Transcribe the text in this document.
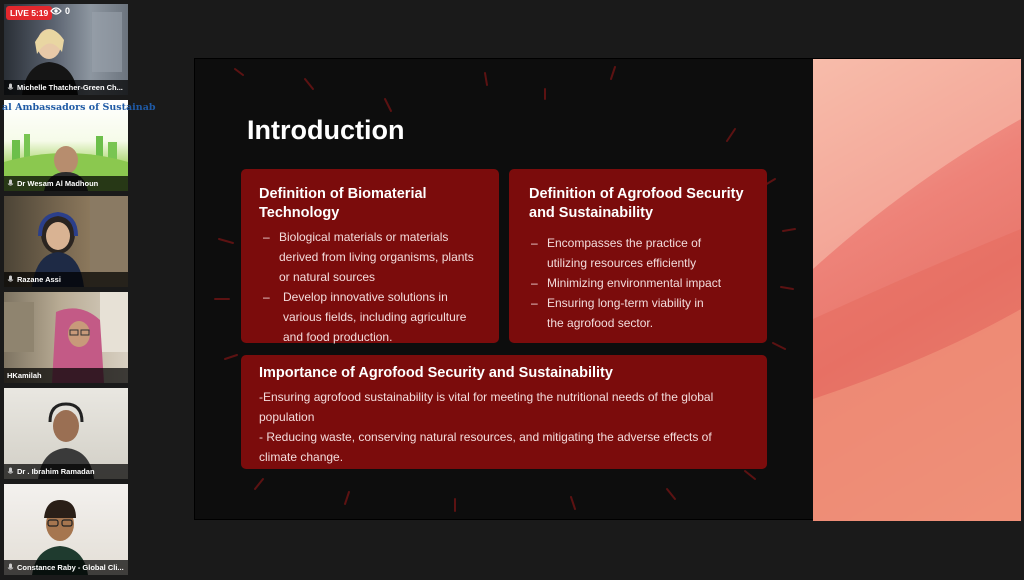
LIVE 5:19	0
Michelle Thatcher-Green Ch...
al Ambassadors of Sustainab
Dr Wesam Al Madhoun
Razane Assi
HKamilah
Dr . Ibrahim Ramadan
Constance Raby - Global Cli...
Introduction
Definition of Biomaterial Technology
– Biological materials or materials derived from living organisms, plants or natural sources
– Develop innovative solutions in various fields, including agriculture and food production.
Definition of Agrofood Security and Sustainability
– Encompasses the practice of utilizing resources efficiently
– Minimizing environmental impact
– Ensuring long-term viability in the agrofood sector.
Importance of Agrofood Security and Sustainability

-Ensuring agrofood sustainability is vital for meeting the nutritional needs of the global population

- Reducing waste, conserving natural resources, and mitigating the adverse effects of climate change.
